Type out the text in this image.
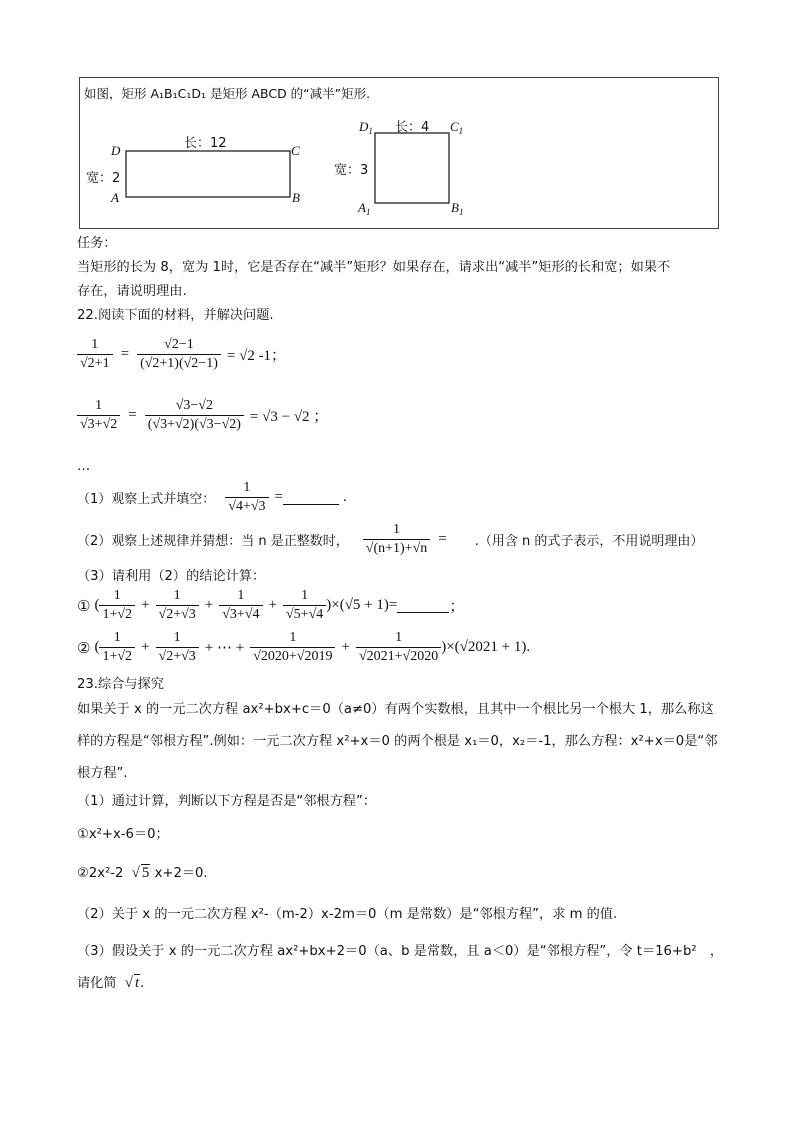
如图，矩形 A₁B₁C₁D₁ 是矩形 ABCD 的“减半”矩形.
长：12
宽：2
D	C
A	B
长：4
宽：3
$D_1$	$C_1$
$A_1$	$B_1$
任务：
当矩形的长为 8，宽为 1时，它是否存在“减半”矩形？如果存在，请求出“减半”矩形的长和宽；如果不
存在，请说明理由.
22.阅读下面的材料，并解决问题.
$\frac{1}{√2+1} = \frac{√2-1}{(√2+1)(√2-1)} = √2$ -1；
$\frac{1}{√3+√2} = \frac{√3-√2}{(√3+√2)(√3-√2)} = √3 - √2$ ；
…
（1）观察上式并填空： $\frac{1}{√4+√3}$ =	.
（2）观察上述规律并猜想：当 n 是正整数时， $\frac{1}{√(n+1)+√n}$ = .（用含 n 的式子表示，不用说明理由）
（3）请利用（2）的结论计算：
① ( $\frac{1}{1+√2} + \frac{1}{√2+√3} + \frac{1}{√3+√4} + \frac{1}{√5+√4}$ ) ×(√5 + 1)=	；
② ( $\frac{1}{1+√2} + \frac{1}{√2+√3}$ + ⋯ + $\frac{1}{√2020+√2019} + \frac{1}{√2021+√2020}$ ) ×(√2021 + 1).
23.综合与探究
如果关于 x 的一元二次方程 ax²+bx+c＝0（a≠0）有两个实数根，且其中一个根比另一个根大 1，那么称这
样的方程是“邻根方程”.例如：一元二次方程 x²+x＝0 的两个根是 x₁＝0，x₂＝-1，那么方程：x²+x＝0是“邻
根方程”.
（1）通过计算，判断以下方程是否是“邻根方程”：
①x²+x-6＝0；
②2x²-2 √ 5 x+2＝0.
（2）关于 x 的一元二次方程 x²-（m-2）x-2m＝0（m 是常数）是“邻根方程”，求 m 的值.
（3）假设关于 x 的一元二次方程 ax²+bx+2＝0（a、b 是常数，且 a＜0）是“邻根方程”，令 t＝16+b²　，
请化简 √ t.
